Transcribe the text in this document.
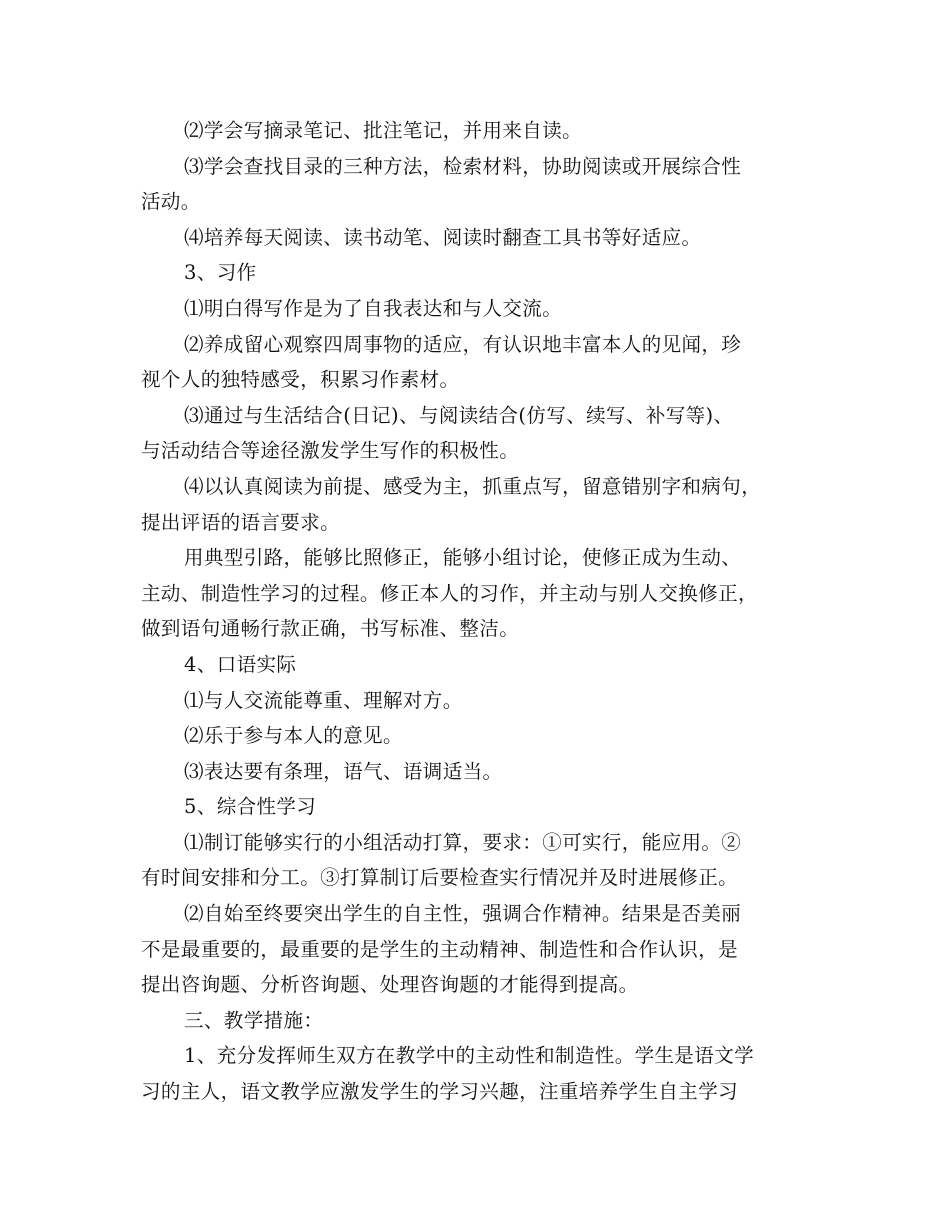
⑵学会写摘录笔记、批注笔记，并用来自读。
⑶学会查找目录的三种方法，检索材料，协助阅读或开展综合性
活动。
⑷培养每天阅读、读书动笔、阅读时翻查工具书等好适应。
3、习作
⑴明白得写作是为了自我表达和与人交流。
⑵养成留心观察四周事物的适应，有认识地丰富本人的见闻，珍
视个人的独特感受，积累习作素材。
⑶通过与生活结合(日记)、与阅读结合(仿写、续写、补写等)、
与活动结合等途径激发学生写作的积极性。
⑷以认真阅读为前提、感受为主，抓重点写，留意错别字和病句，
提出评语的语言要求。
用典型引路，能够比照修正，能够小组讨论，使修正成为生动、
主动、制造性学习的过程。修正本人的习作，并主动与别人交换修正，
做到语句通畅行款正确，书写标准、整洁。
4、口语实际
⑴与人交流能尊重、理解对方。
⑵乐于参与本人的意见。
⑶表达要有条理，语气、语调适当。
5、综合性学习
⑴制订能够实行的小组活动打算，要求：①可实行，能应用。②
有时间安排和分工。③打算制订后要检查实行情况并及时进展修正。
⑵自始至终要突出学生的自主性，强调合作精神。结果是否美丽
不是最重要的，最重要的是学生的主动精神、制造性和合作认识，是
提出咨询题、分析咨询题、处理咨询题的才能得到提高。
三、教学措施：
1、充分发挥师生双方在教学中的主动性和制造性。学生是语文学
习的主人，语文教学应激发学生的学习兴趣，注重培养学生自主学习
